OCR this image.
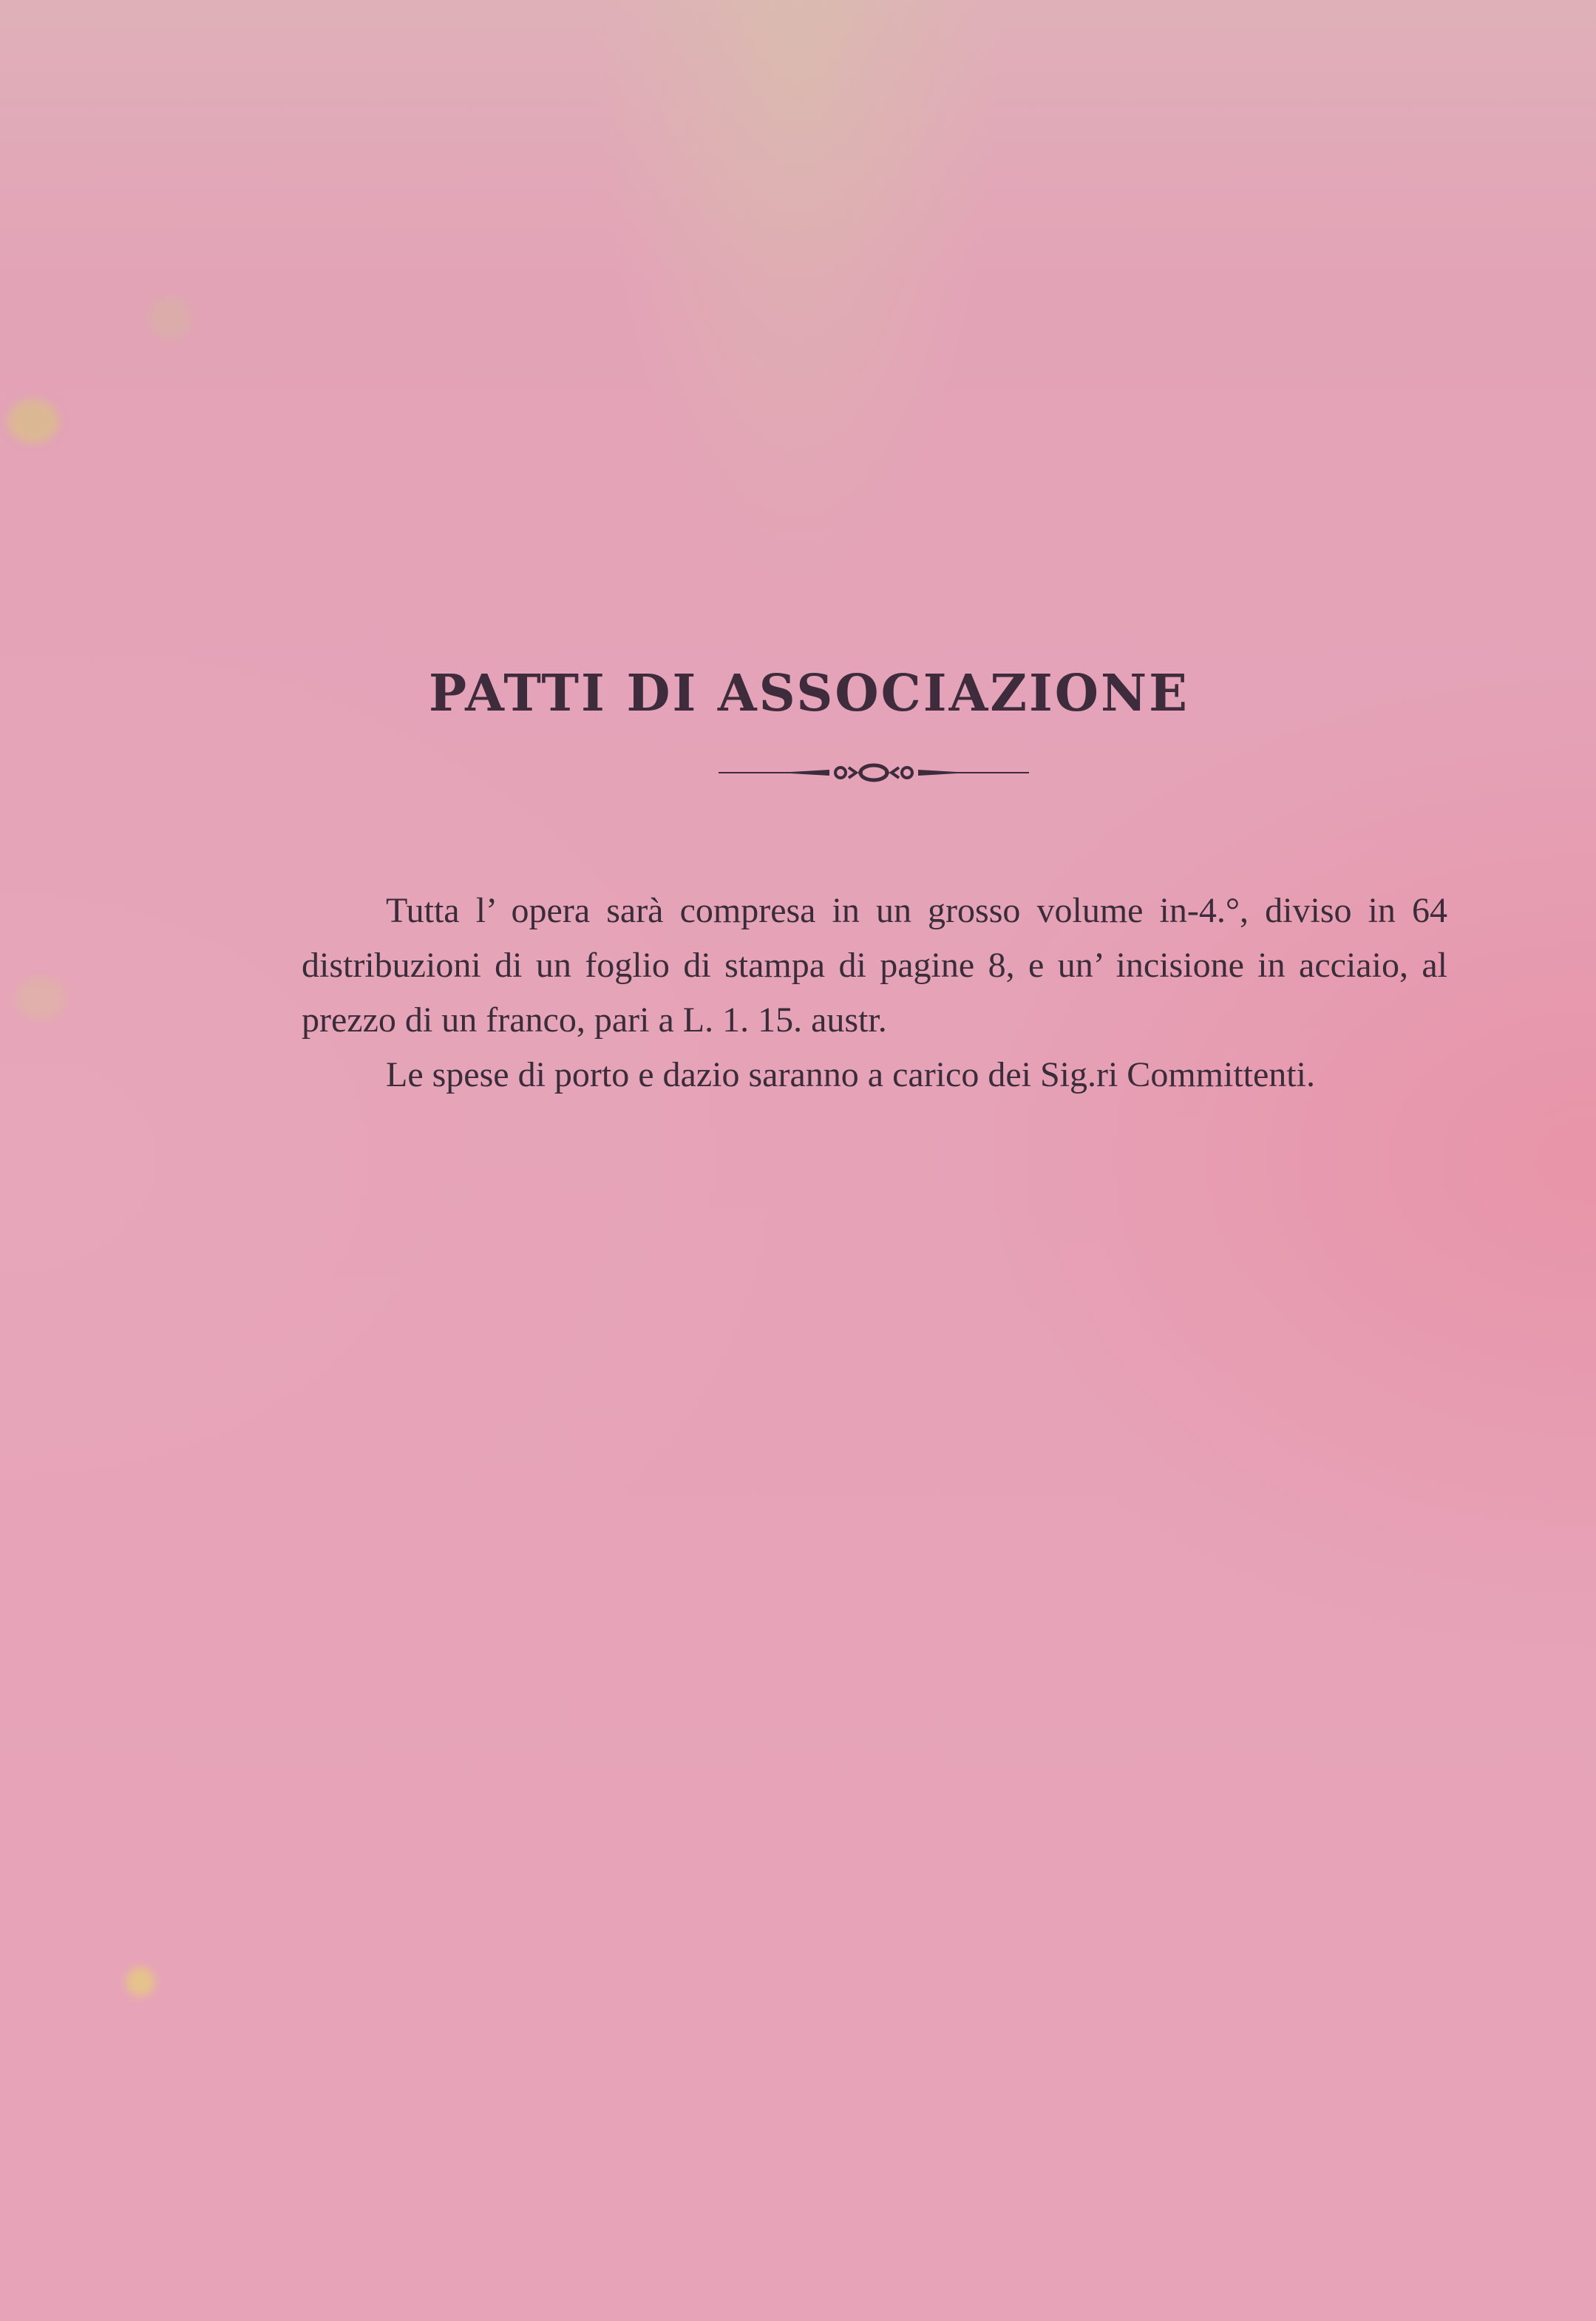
PATTI DI ASSOCIAZIONE

Tutta l’ opera sarà compresa in un grosso volume in-4.°, diviso in 64 distribuzioni di un foglio di stampa di pagine 8, e un’ incisione in acciaio, al prezzo di un franco, pari a L. 1. 15. austr.

Le spese di porto e dazio saranno a carico dei Sig.ri Committenti.
